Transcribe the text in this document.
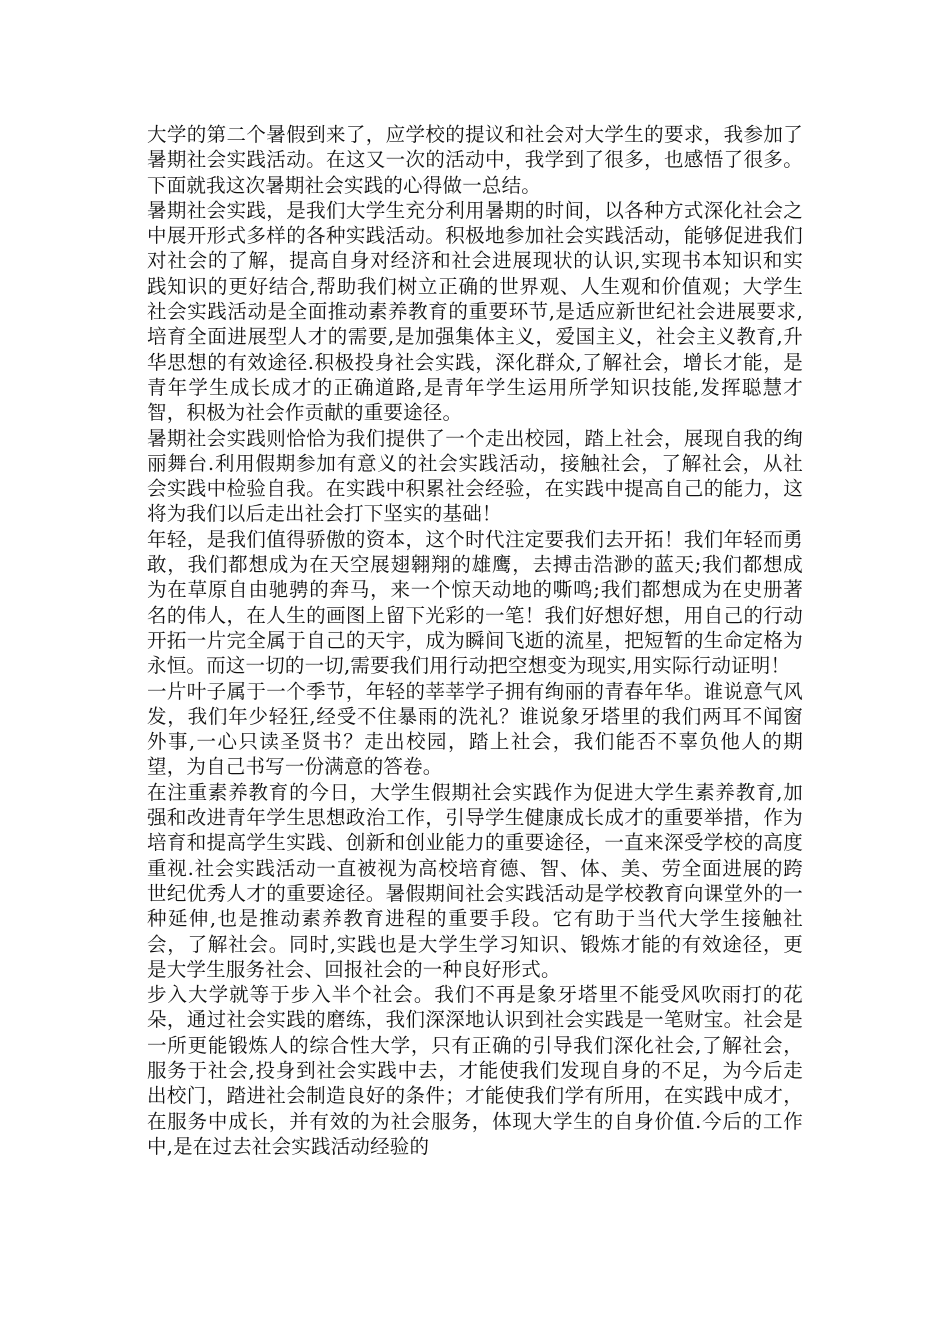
大学的第二个暑假到来了，应学校的提议和社会对大学生的要求，我参加了暑期社会实践活动。在这又一次的活动中，我学到了很多，也感悟了很多。下面就我这次暑期社会实践的心得做一总结。

暑期社会实践，是我们大学生充分利用暑期的时间，以各种方式深化社会之中展开形式多样的各种实践活动。积极地参加社会实践活动，能够促进我们对社会的了解，提高自身对经济和社会进展现状的认识,实现书本知识和实践知识的更好结合,帮助我们树立正确的世界观、人生观和价值观；大学生社会实践活动是全面推动素养教育的重要环节,是适应新世纪社会进展要求,培育全面进展型人才的需要,是加强集体主义，爱国主义，社会主义教育,升华思想的有效途径.积极投身社会实践，深化群众,了解社会，增长才能，是青年学生成长成才的正确道路,是青年学生运用所学知识技能,发挥聪慧才智，积极为社会作贡献的重要途径。

暑期社会实践则恰恰为我们提供了一个走出校园，踏上社会，展现自我的绚丽舞台.利用假期参加有意义的社会实践活动，接触社会，了解社会，从社会实践中检验自我。在实践中积累社会经验，在实践中提高自己的能力，这将为我们以后走出社会打下坚实的基础！

年轻，是我们值得骄傲的资本，这个时代注定要我们去开拓！我们年轻而勇敢，我们都想成为在天空展翅翱翔的雄鹰，去搏击浩渺的蓝天;我们都想成为在草原自由驰骋的奔马，来一个惊天动地的嘶鸣;我们都想成为在史册著名的伟人，在人生的画图上留下光彩的一笔！我们好想好想，用自己的行动开拓一片完全属于自己的天宇，成为瞬间飞逝的流星，把短暂的生命定格为永恒。而这一切的一切,需要我们用行动把空想变为现实,用实际行动证明！

一片叶子属于一个季节，年轻的莘莘学子拥有绚丽的青春年华。谁说意气风发，我们年少轻狂,经受不住暴雨的洗礼？谁说象牙塔里的我们两耳不闻窗外事,一心只读圣贤书？走出校园，踏上社会，我们能否不辜负他人的期望，为自己书写一份满意的答卷。

在注重素养教育的今日，大学生假期社会实践作为促进大学生素养教育,加强和改进青年学生思想政治工作，引导学生健康成长成才的重要举措，作为培育和提高学生实践、创新和创业能力的重要途径，一直来深受学校的高度重视.社会实践活动一直被视为高校培育德、智、体、美、劳全面进展的跨世纪优秀人才的重要途径。暑假期间社会实践活动是学校教育向课堂外的一种延伸,也是推动素养教育进程的重要手段。它有助于当代大学生接触社会，了解社会。同时,实践也是大学生学习知识、锻炼才能的有效途径，更是大学生服务社会、回报社会的一种良好形式。

步入大学就等于步入半个社会。我们不再是象牙塔里不能受风吹雨打的花朵，通过社会实践的磨练，我们深深地认识到社会实践是一笔财宝。社会是一所更能锻炼人的综合性大学，只有正确的引导我们深化社会,了解社会，服务于社会,投身到社会实践中去，才能使我们发现自身的不足，为今后走出校门，踏进社会制造良好的条件；才能使我们学有所用，在实践中成才，在服务中成长，并有效的为社会服务，体现大学生的自身价值.今后的工作中,是在过去社会实践活动经验的
